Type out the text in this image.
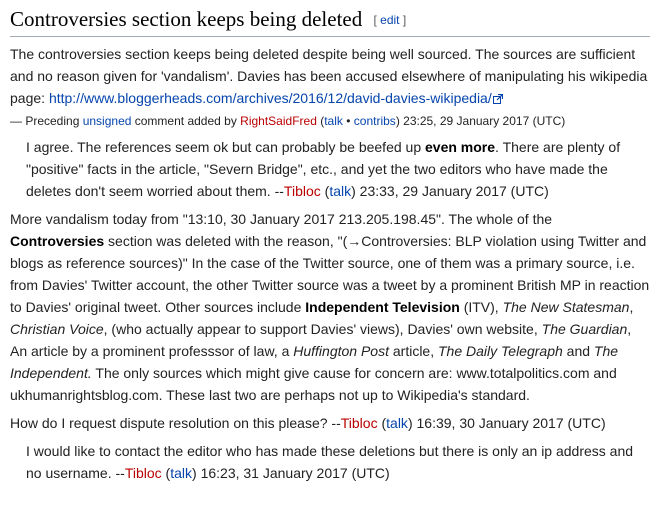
Controversies section keeps being deleted [ edit ]

The controversies section keeps being deleted despite being well sourced. The sources are sufficient and no reason given for 'vandalism'. Davies has been accused elsewhere of manipulating his wikipedia page: http://www.bloggerheads.com/archives/2016/12/david-davies-wikipedia/

— Preceding unsigned comment added by RightSaidFred (talk • contribs) 23:25, 29 January 2017 (UTC)

I agree. The references seem ok but can probably be beefed up even more. There are plenty of "positive" facts in the article, "Severn Bridge", etc., and yet the two editors who have made the deletes don't seem worried about them. --Tibloc (talk) 23:33, 29 January 2017 (UTC)

More vandalism today from "13:10, 30 January 2017 213.205.198.45". The whole of the Controversies section was deleted with the reason, "(→Controversies: BLP violation using Twitter and blogs as reference sources)" In the case of the Twitter source, one of them was a primary source, i.e. from Davies' Twitter account, the other Twitter source was a tweet by a prominent British MP in reaction to Davies' original tweet. Other sources include Independent Television (ITV), The New Statesman, Christian Voice, (who actually appear to support Davies' views), Davies' own website, The Guardian, An article by a prominent professsor of law, a Huffington Post article, The Daily Telegraph and The Independent. The only sources which might give cause for concern are: www.totalpolitics.com and ukhumanrightsblog.com. These last two are perhaps not up to Wikipedia's standard.

How do I request dispute resolution on this please? --Tibloc (talk) 16:39, 30 January 2017 (UTC)

I would like to contact the editor who has made these deletions but there is only an ip address and no username. --Tibloc (talk) 16:23, 31 January 2017 (UTC)
